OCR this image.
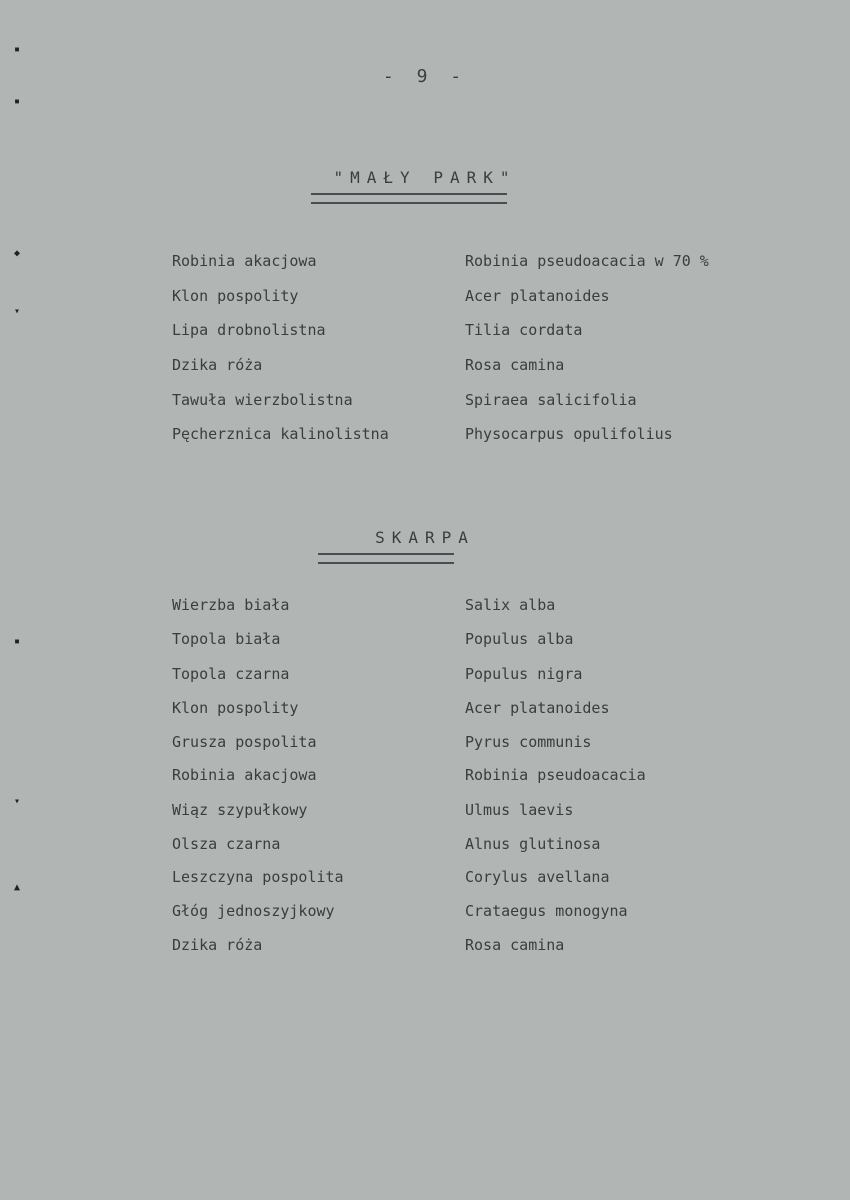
- 9 -
"MAŁY PARK"
Robinia akacjowa	Robinia pseudoacacia w 70 %
Klon pospolity	Acer platanoides
Lipa drobnolistna	Tilia cordata
Dzika róża	Rosa camina
Tawuła wierzbolistna	Spiraea salicifolia
Pęcherznica kalinolistna	Physocarpus opulifolius
SKARPA
Wierzba biała	Salix alba
Topola biała	Populus alba
Topola czarna	Populus nigra
Klon pospolity	Acer platanoides
Grusza pospolita	Pyrus communis
Robinia akacjowa	Robinia pseudoacacia
Wiąz szypułkowy	Ulmus laevis
Olsza czarna	Alnus glutinosa
Leszczyna pospolita	Corylus avellana
Głóg jednoszyjkowy	Crataegus monogyna
Dzika róża	Rosa camina
▪
▪
◆
▾
▪
▾
▲
